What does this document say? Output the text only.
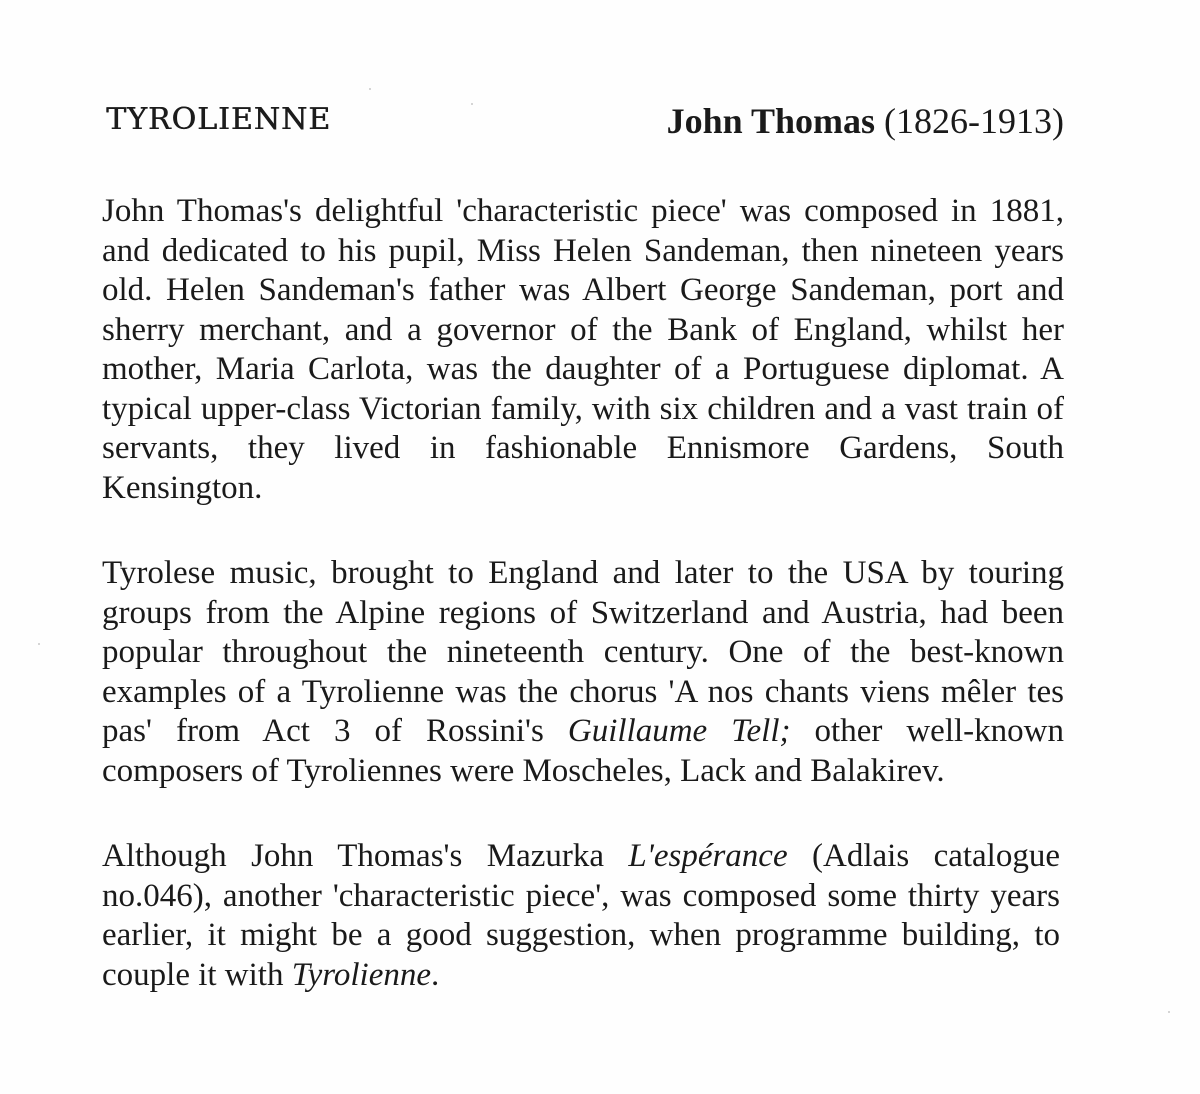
TYROLIENNE	John Thomas (1826-1913)

John Thomas's delightful 'characteristic piece' was composed in 1881, and dedicated to his pupil, Miss Helen Sandeman, then nineteen years old. Helen Sandeman's father was Albert George Sandeman, port and sherry merchant, and a governor of the Bank of England, whilst her mother, Maria Carlota, was the daughter of a Portuguese diplomat. A typical upper-class Victorian family, with six children and a vast train of servants, they lived in fashionable Ennismore Gardens, South Kensington.

Tyrolese music, brought to England and later to the USA by touring groups from the Alpine regions of Switzerland and Austria, had been popular throughout the nineteenth century. One of the best-known examples of a Tyrolienne was the chorus 'A nos chants viens mêler tes pas' from Act 3 of Rossini's Guillaume Tell; other well-known composers of Tyroliennes were Moscheles, Lack and Balakirev.

Although John Thomas's Mazurka L'espérance (Adlais catalogue no.046), another 'characteristic piece', was composed some thirty years earlier, it might be a good suggestion, when programme building, to couple it with Tyrolienne.
